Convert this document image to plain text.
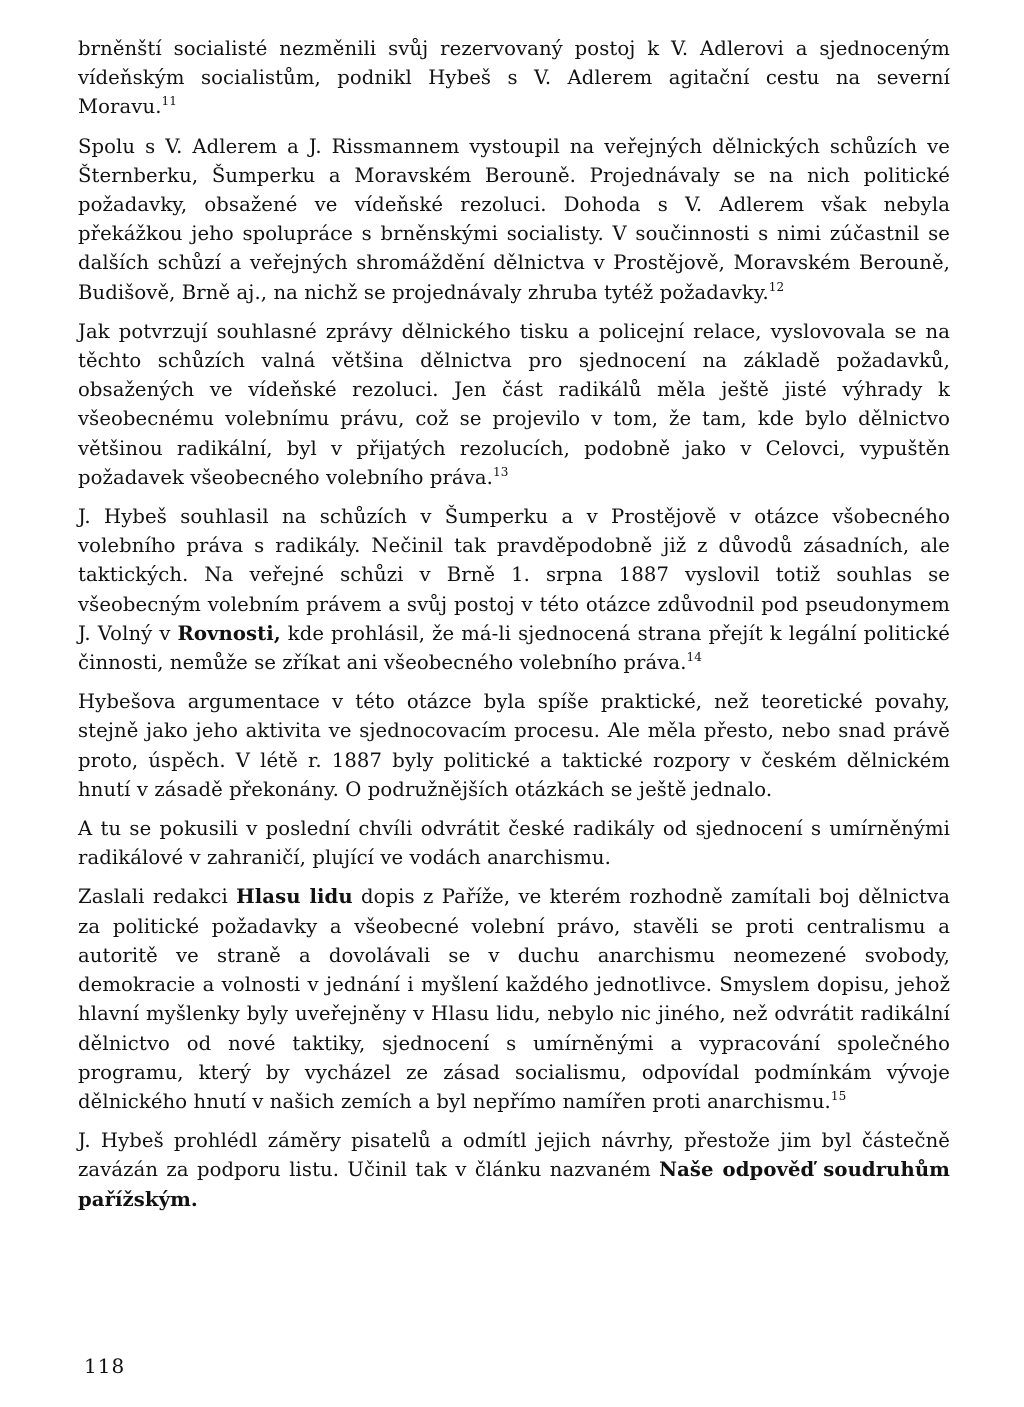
brněnští socialisté nezměnili svůj rezervovaný postoj k V. Adlerovi a sjednoceným vídeňským socialistům, podnikl Hybeš s V. Adlerem agitační cestu na severní Moravu.$^{11}$

Spolu s V. Adlerem a J. Rissmannem vystoupil na veřejných dělnických schůzích ve Šternberku, Šumperku a Moravském Berouně. Projednávaly se na nich politické požadavky, obsažené ve vídeňské rezoluci. Dohoda s V. Adlerem však nebyla překážkou jeho spolupráce s brněnskými socialisty. V součinnosti s nimi zúčastnil se dalších schůzí a veřejných shromáždění dělnictva v Prostějově, Moravském Berouně, Budišově, Brně aj., na nichž se projednávaly zhruba tytéž požadavky.$^{12}$

Jak potvrzují souhlasné zprávy dělnického tisku a policejní relace, vyslovovala se na těchto schůzích valná většina dělnictva pro sjednocení na základě požadavků, obsažených ve vídeňské rezoluci. Jen část radikálů měla ještě jisté výhrady k všeobecnému volebnímu právu, což se projevilo v tom, že tam, kde bylo dělnictvo většinou radikální, byl v přijatých rezolucích, podobně jako v Celovci, vypuštěn požadavek všeobecného volebního práva.$^{13}$

J. Hybeš souhlasil na schůzích v Šumperku a v Prostějově v otázce všobecného volebního práva s radikály. Nečinil tak pravděpodobně již z důvodů zásadních, ale taktických. Na veřejné schůzi v Brně 1. srpna 1887 vyslovil totiž souhlas se všeobecným volebním právem a svůj postoj v této otázce zdůvodnil pod pseudonymem J. Volný v Rovnosti, kde prohlásil, že má-li sjednocená strana přejít k legální politické činnosti, nemůže se zříkat ani všeobecného volebního práva.$^{14}$

Hybešova argumentace v této otázce byla spíše praktické, než teoretické povahy, stejně jako jeho aktivita ve sjednocovacím procesu. Ale měla přesto, nebo snad právě proto, úspěch. V létě r. 1887 byly politické a taktické rozpory v českém dělnickém hnutí v zásadě překonány. O podružnějších otázkách se ještě jednalo.

A tu se pokusili v poslední chvíli odvrátit české radikály od sjednocení s umírněnými radikálové v zahraničí, plující ve vodách anarchismu.

Zaslali redakci Hlasu lidu dopis z Paříže, ve kterém rozhodně zamítali boj dělnictva za politické požadavky a všeobecné volební právo, stavěli se proti centralismu a autoritě ve straně a dovolávali se v duchu anarchismu neomezené svobody, demokracie a volnosti v jednání i myšlení každého jednotlivce. Smyslem dopisu, jehož hlavní myšlenky byly uveřejněny v Hlasu lidu, nebylo nic jiného, než odvrátit radikální dělnictvo od nové taktiky, sjednocení s umírněnými a vypracování společného programu, který by vycházel ze zásad socialismu, odpovídal podmínkám vývoje dělnického hnutí v našich zemích a byl nepřímo namířen proti anarchismu.$^{15}$

J. Hybeš prohlédl záměry pisatelů a odmítl jejich návrhy, přestože jim byl částečně zavázán za podporu listu. Učinil tak v článku nazvaném Naše odpověď soudruhům pařížským.

118
